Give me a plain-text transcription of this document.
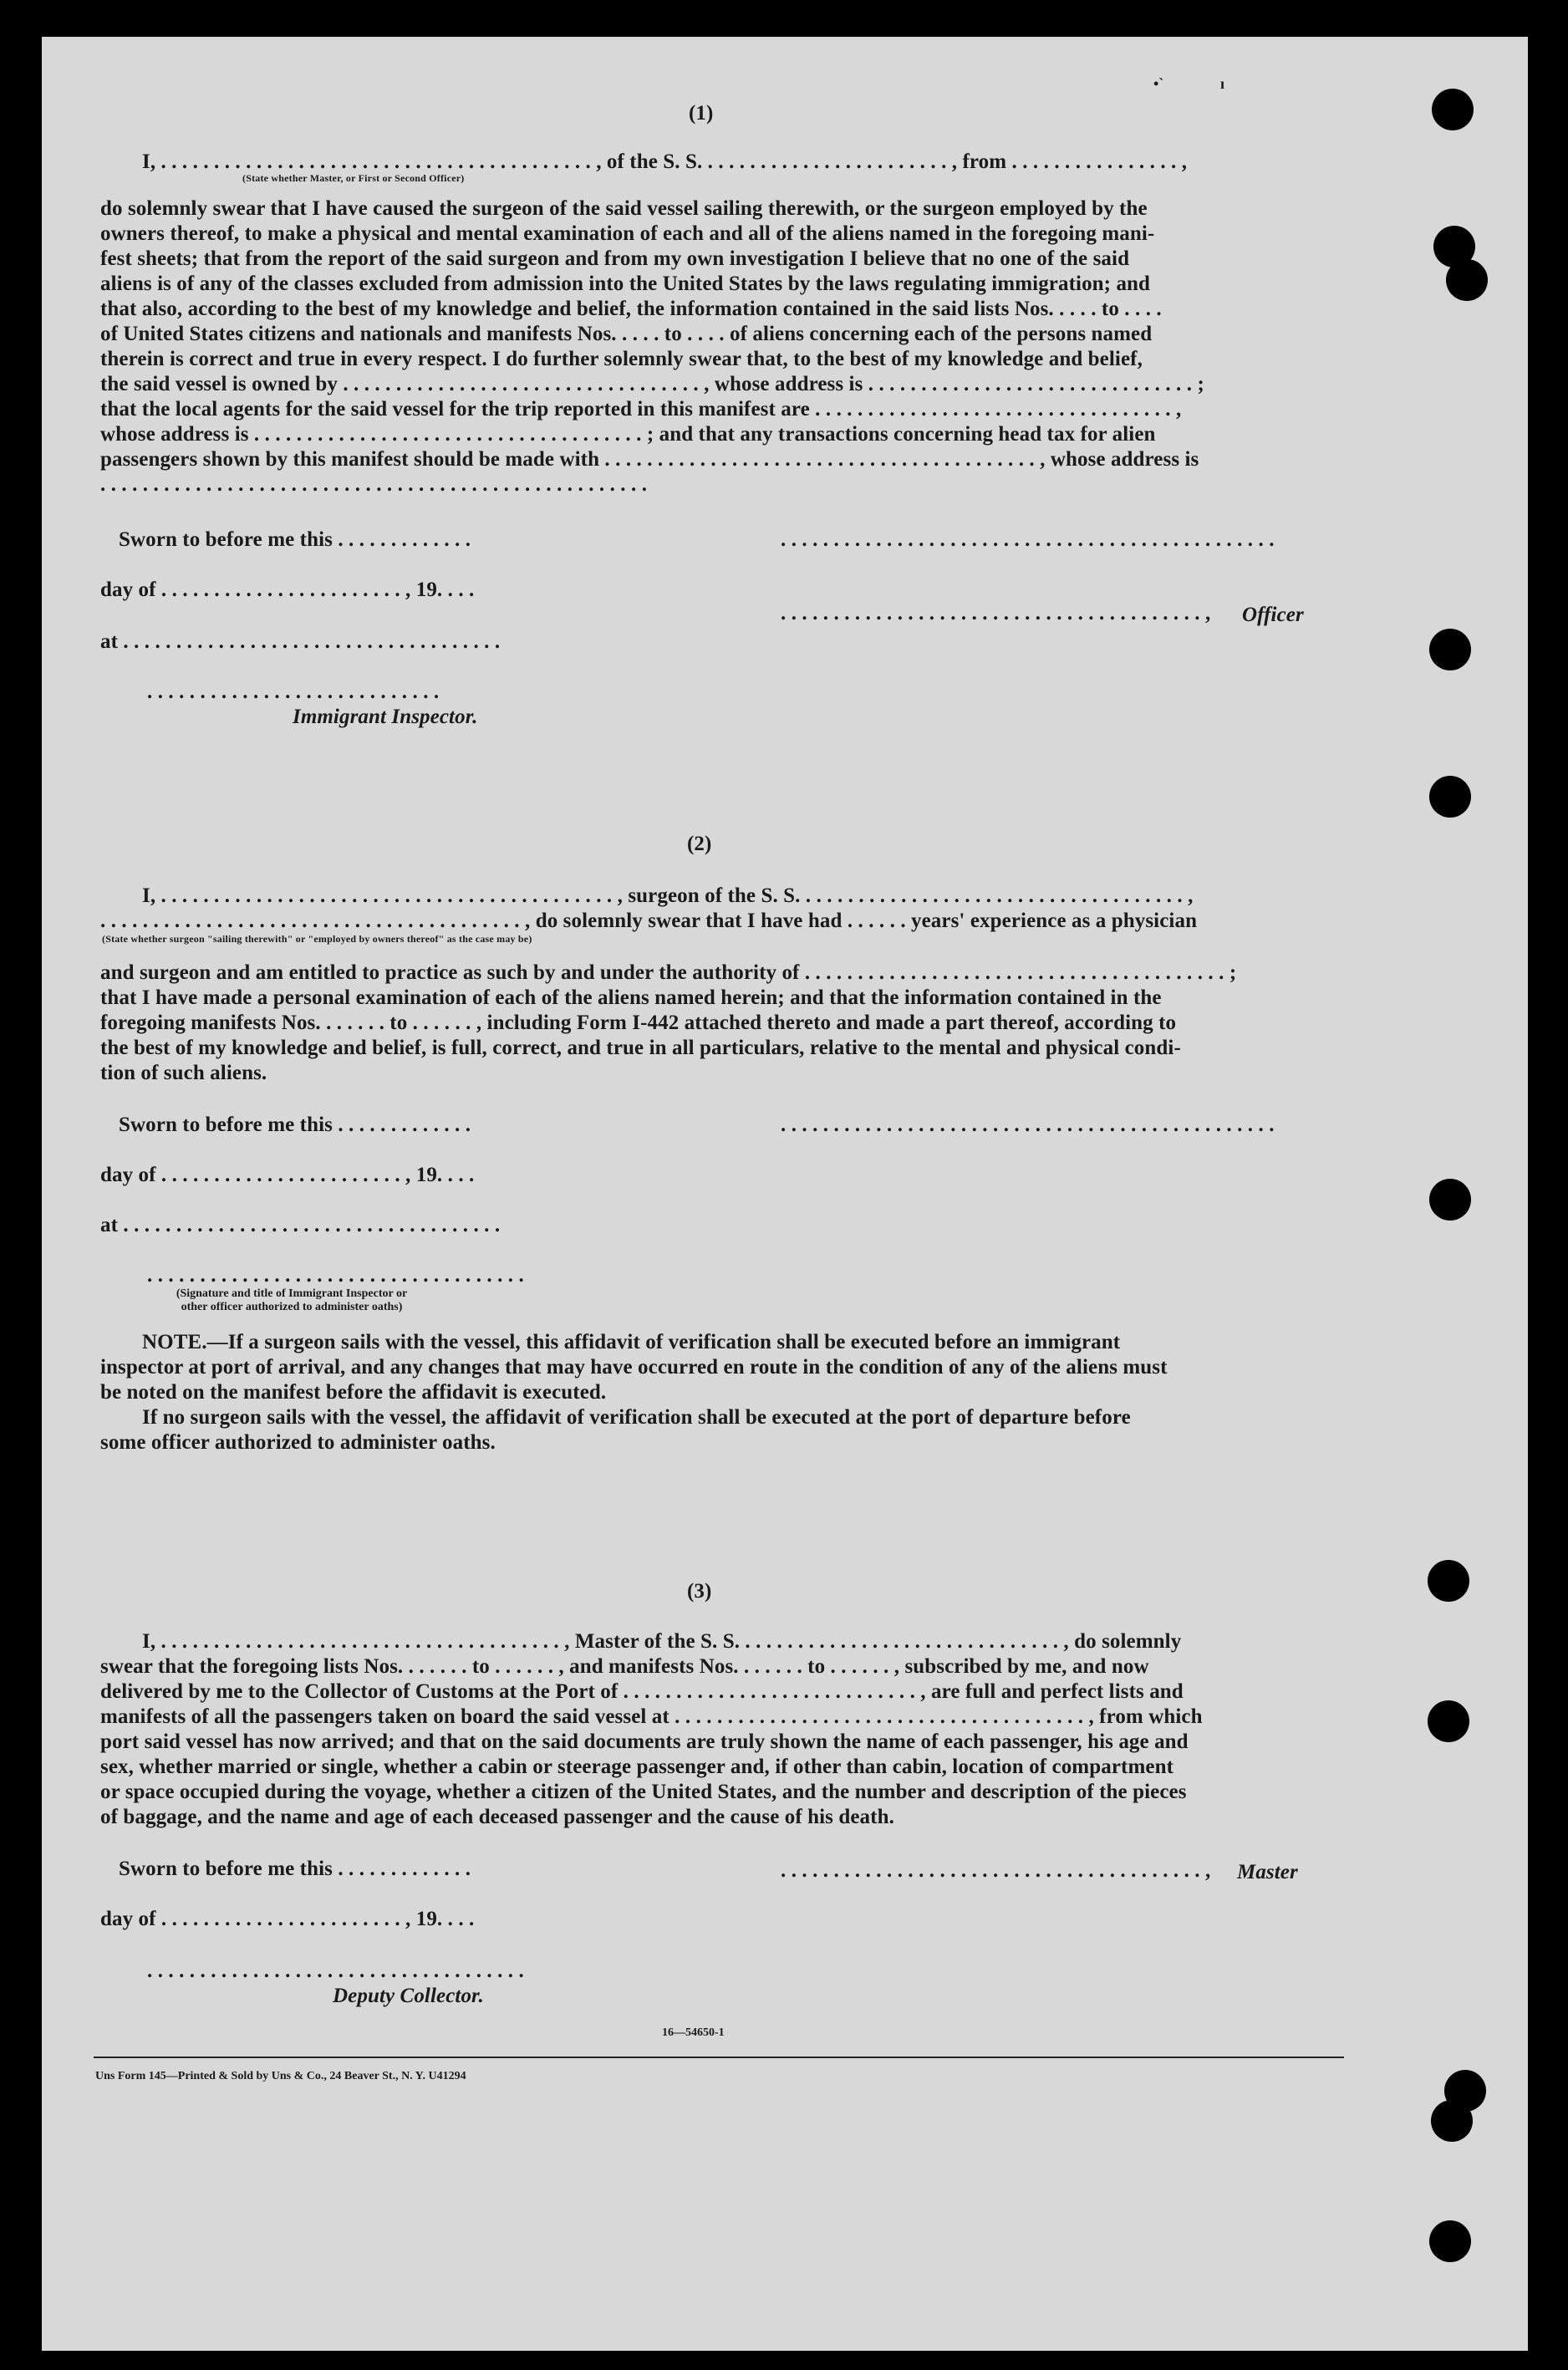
•`	ı
(1)
I, . . . . . . . . . . . . . . . . . . . . . . . . . . . . . . . . . . . . . . . . . , of the S. S. . . . . . . . . . . . . . . . . . . . . . . . , from . . . . . . . . . . . . . . . . ,
(State whether Master, or First or Second Officer)
do solemnly swear that I have caused the surgeon of the said vessel sailing therewith, or the surgeon employed by the
owners thereof, to make a physical and mental examination of each and all of the aliens named in the foregoing mani-
fest sheets; that from the report of the said surgeon and from my own investigation I believe that no one of the said
aliens is of any of the classes excluded from admission into the United States by the laws regulating immigration; and
that also, according to the best of my knowledge and belief, the information contained in the said lists Nos. . . . . to . . . .
of United States citizens and nationals and manifests Nos. . . . . to . . . . of aliens concerning each of the persons named
therein is correct and true in every respect. I do further solemnly swear that, to the best of my knowledge and belief,
the said vessel is owned by . . . . . . . . . . . . . . . . . . . . . . . . . . . . . . . . . . , whose address is . . . . . . . . . . . . . . . . . . . . . . . . . . . . . . . ;
that the local agents for the said vessel for the trip reported in this manifest are . . . . . . . . . . . . . . . . . . . . . . . . . . . . . . . . . . ,
whose address is . . . . . . . . . . . . . . . . . . . . . . . . . . . . . . . . . . . . . ; and that any transactions concerning head tax for alien
passengers shown by this manifest should be made with . . . . . . . . . . . . . . . . . . . . . . . . . . . . . . . . . . . . . . . . . , whose address is
. . . . . . . . . . . . . . . . . . . . . . . . . . . . . . . . . . . . . . . . . . . . . . . . . . . .
Sworn to before me this . . . . . . . . . . . . .
day of . . . . . . . . . . . . . . . . . . . . . . . , 19. . . .
at . . . . . . . . . . . . . . . . . . . . . . . . . . . . . . . . . . . .
. . . . . . . . . . . . . . . . . . . . . . . . . . . .
Immigrant Inspector.
. . . . . . . . . . . . . . . . . . . . . . . . . . . . . . . . . . . . . . . . . . . . . . .
. . . . . . . . . . . . . . . . . . . . . . . . . . . . . . . . . . . . . . . . , Officer
(2)
I, . . . . . . . . . . . . . . . . . . . . . . . . . . . . . . . . . . . . . . . . . . . , surgeon of the S. S. . . . . . . . . . . . . . . . . . . . . . . . . . . . . . . . . . . . . ,
. . . . . . . . . . . . . . . . . . . . . . . . . . . . . . . . . . . . . . . . , do solemnly swear that I have had . . . . . . years' experience as a physician
(State whether surgeon "sailing therewith" or "employed by owners thereof" as the case may be)
and surgeon and am entitled to practice as such by and under the authority of . . . . . . . . . . . . . . . . . . . . . . . . . . . . . . . . . . . . . . . . ;
that I have made a personal examination of each of the aliens named herein; and that the information contained in the
foregoing manifests Nos. . . . . . . to . . . . . . , including Form I-442 attached thereto and made a part thereof, according to
the best of my knowledge and belief, is full, correct, and true in all particulars, relative to the mental and physical condi-
tion of such aliens.
Sworn to before me this . . . . . . . . . . . . .	. . . . . . . . . . . . . . . . . . . . . . . . . . . . . . . . . . . . . . . . . . . . . . .
day of . . . . . . . . . . . . . . . . . . . . . . . , 19. . . .
at . . . . . . . . . . . . . . . . . . . . . . . . . . . . . . . . . . . .
. . . . . . . . . . . . . . . . . . . . . . . . . . . . . . . . . . . .
(Signature and title of Immigrant Inspector or
other officer authorized to administer oaths)
NOTE.—If a surgeon sails with the vessel, this affidavit of verification shall be executed before an immigrant
inspector at port of arrival, and any changes that may have occurred en route in the condition of any of the aliens must
be noted on the manifest before the affidavit is executed.
If no surgeon sails with the vessel, the affidavit of verification shall be executed at the port of departure before
some officer authorized to administer oaths.
(3)
I, . . . . . . . . . . . . . . . . . . . . . . . . . . . . . . . . . . . . . . , Master of the S. S. . . . . . . . . . . . . . . . . . . . . . . . . . . . . . . , do solemnly
swear that the foregoing lists Nos. . . . . . . to . . . . . . , and manifests Nos. . . . . . . to . . . . . . , subscribed by me, and now
delivered by me to the Collector of Customs at the Port of . . . . . . . . . . . . . . . . . . . . . . . . . . . . , are full and perfect lists and
manifests of all the passengers taken on board the said vessel at . . . . . . . . . . . . . . . . . . . . . . . . . . . . . . . . . . . . . . . , from which
port said vessel has now arrived; and that on the said documents are truly shown the name of each passenger, his age and
sex, whether married or single, whether a cabin or steerage passenger and, if other than cabin, location of compartment
or space occupied during the voyage, whether a citizen of the United States, and the number and description of the pieces
of baggage, and the name and age of each deceased passenger and the cause of his death.
Sworn to before me this . . . . . . . . . . . . .	. . . . . . . . . . . . . . . . . . . . . . . . . . . . . . . . . . . . . . . . , Master
day of . . . . . . . . . . . . . . . . . . . . . . . , 19. . . .
. . . . . . . . . . . . . . . . . . . . . . . . . . . . . . . . . . . .
Deputy Collector.
16—54650-1
Uns Form 145—Printed & Sold by Uns & Co., 24 Beaver St., N. Y. U41294
